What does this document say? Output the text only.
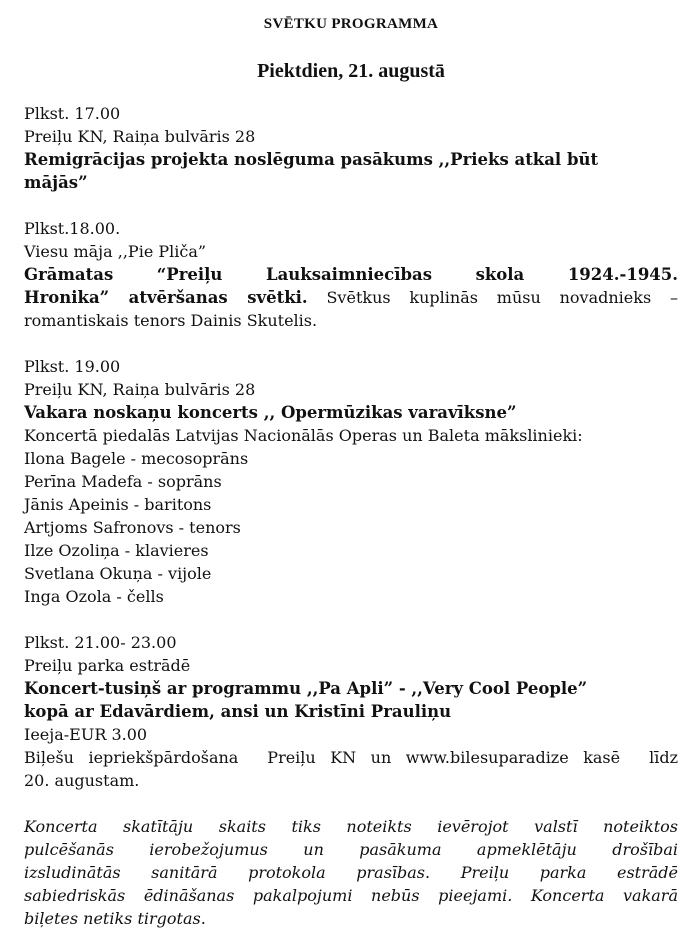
SVĒTKU PROGRAMMA
Piektdien, 21. augustā
Plkst. 17.00
Preiļu KN, Raiņa bulvāris 28
Remigrācijas projekta noslēguma pasākums ,,Prieks atkal būt
mājās”
Plkst.18.00.
Viesu māja ,,Pie Pliča”
Grāmatas “Preiļu Lauksaimniecības skola 1924.-1945.
Hronika” atvēršanas svētki. Svētkus kuplinās mūsu novadnieks –
romantiskais tenors Dainis Skutelis.
Plkst. 19.00
Preiļu KN, Raiņa bulvāris 28
Vakara noskaņu koncerts ,, Opermūzikas varavīksne”
Koncertā piedalās Latvijas Nacionālās Operas un Baleta mākslinieki:
Ilona Bagele - mecosoprāns
Perīna Madefa - soprāns
Jānis Apeinis - baritons
Artjoms Safronovs - tenors
Ilze Ozoliņa - klavieres
Svetlana Okuņa - vijole
Inga Ozola - čells
Plkst. 21.00- 23.00
Preiļu parka estrādē
Koncert-tusiņš ar programmu ,,Pa Apli” - ,,Very Cool People”
kopā ar Edavārdiem, ansi un Kristīni Prauliņu
Ieeja-EUR 3.00
Biļešu iepriekšpārdošana  Preiļu KN un www.bilesuparadize kasē  līdz
20. augustam.
Koncerta skatītāju skaits tiks noteikts ievērojot valstī noteiktos
pulcēšanās ierobežojumus un pasākuma apmeklētāju drošībai
izsludinātās sanitārā protokola prasības. Preiļu parka estrādē
sabiedriskās ēdināšanas pakalpojumi nebūs pieejami. Koncerta vakarā
biļetes netiks tirgotas.
